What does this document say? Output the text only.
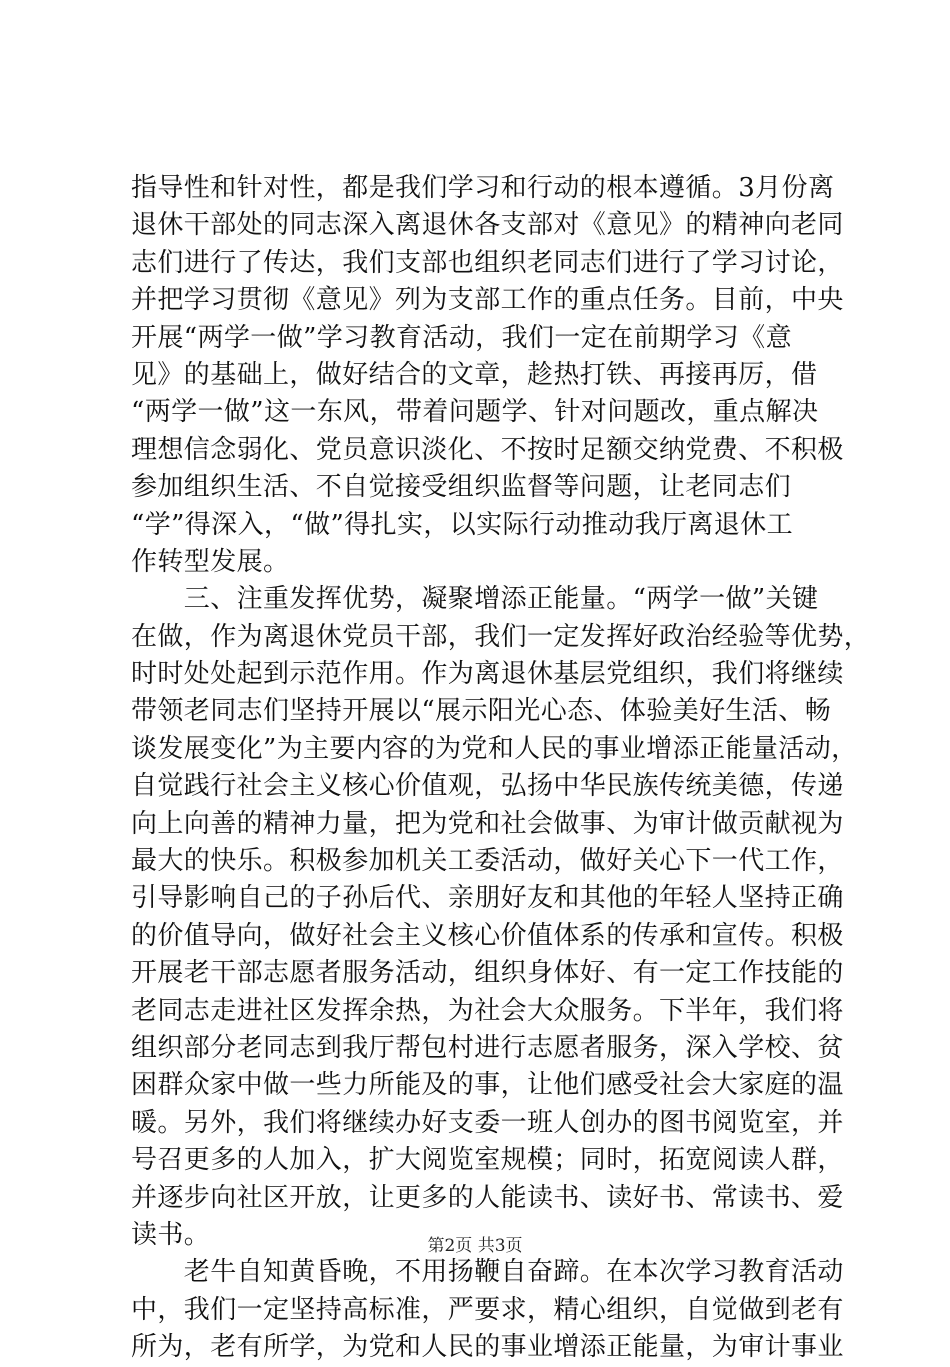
指导性和针对性，都是我们学习和行动的根本遵循。3月份离
退休干部处的同志深入离退休各支部对《意见》的精神向老同
志们进行了传达，我们支部也组织老同志们进行了学习讨论，
并把学习贯彻《意见》列为支部工作的重点任务。目前，中央
开展“两学一做”学习教育活动，我们一定在前期学习《意
见》的基础上，做好结合的文章，趁热打铁、再接再厉，借
“两学一做”这一东风，带着问题学、针对问题改，重点解决
理想信念弱化、党员意识淡化、不按时足额交纳党费、不积极
参加组织生活、不自觉接受组织监督等问题，让老同志们
“学”得深入，“做”得扎实，以实际行动推动我厅离退休工
作转型发展。
　　三、注重发挥优势，凝聚增添正能量。“两学一做”关键
在做，作为离退休党员干部，我们一定发挥好政治经验等优势，
时时处处起到示范作用。作为离退休基层党组织，我们将继续
带领老同志们坚持开展以“展示阳光心态、体验美好生活、畅
谈发展变化”为主要内容的为党和人民的事业增添正能量活动，
自觉践行社会主义核心价值观，弘扬中华民族传统美德，传递
向上向善的精神力量，把为党和社会做事、为审计做贡献视为
最大的快乐。积极参加机关工委活动，做好关心下一代工作，
引导影响自己的子孙后代、亲朋好友和其他的年轻人坚持正确
的价值导向，做好社会主义核心价值体系的传承和宣传。积极
开展老干部志愿者服务活动，组织身体好、有一定工作技能的
老同志走进社区发挥余热，为社会大众服务。下半年，我们将
组织部分老同志到我厅帮包村进行志愿者服务，深入学校、贫
困群众家中做一些力所能及的事，让他们感受社会大家庭的温
暖。另外，我们将继续办好支委一班人创办的图书阅览室，并
号召更多的人加入，扩大阅览室规模；同时，拓宽阅读人群，
并逐步向社区开放，让更多的人能读书、读好书、常读书、爱
读书。
　　老牛自知黄昏晚，不用扬鞭自奋蹄。在本次学习教育活动
中，我们一定坚持高标准，严要求，精心组织，自觉做到老有
所为，老有所学，为党和人民的事业增添正能量，为审计事业
第2页 共3页
